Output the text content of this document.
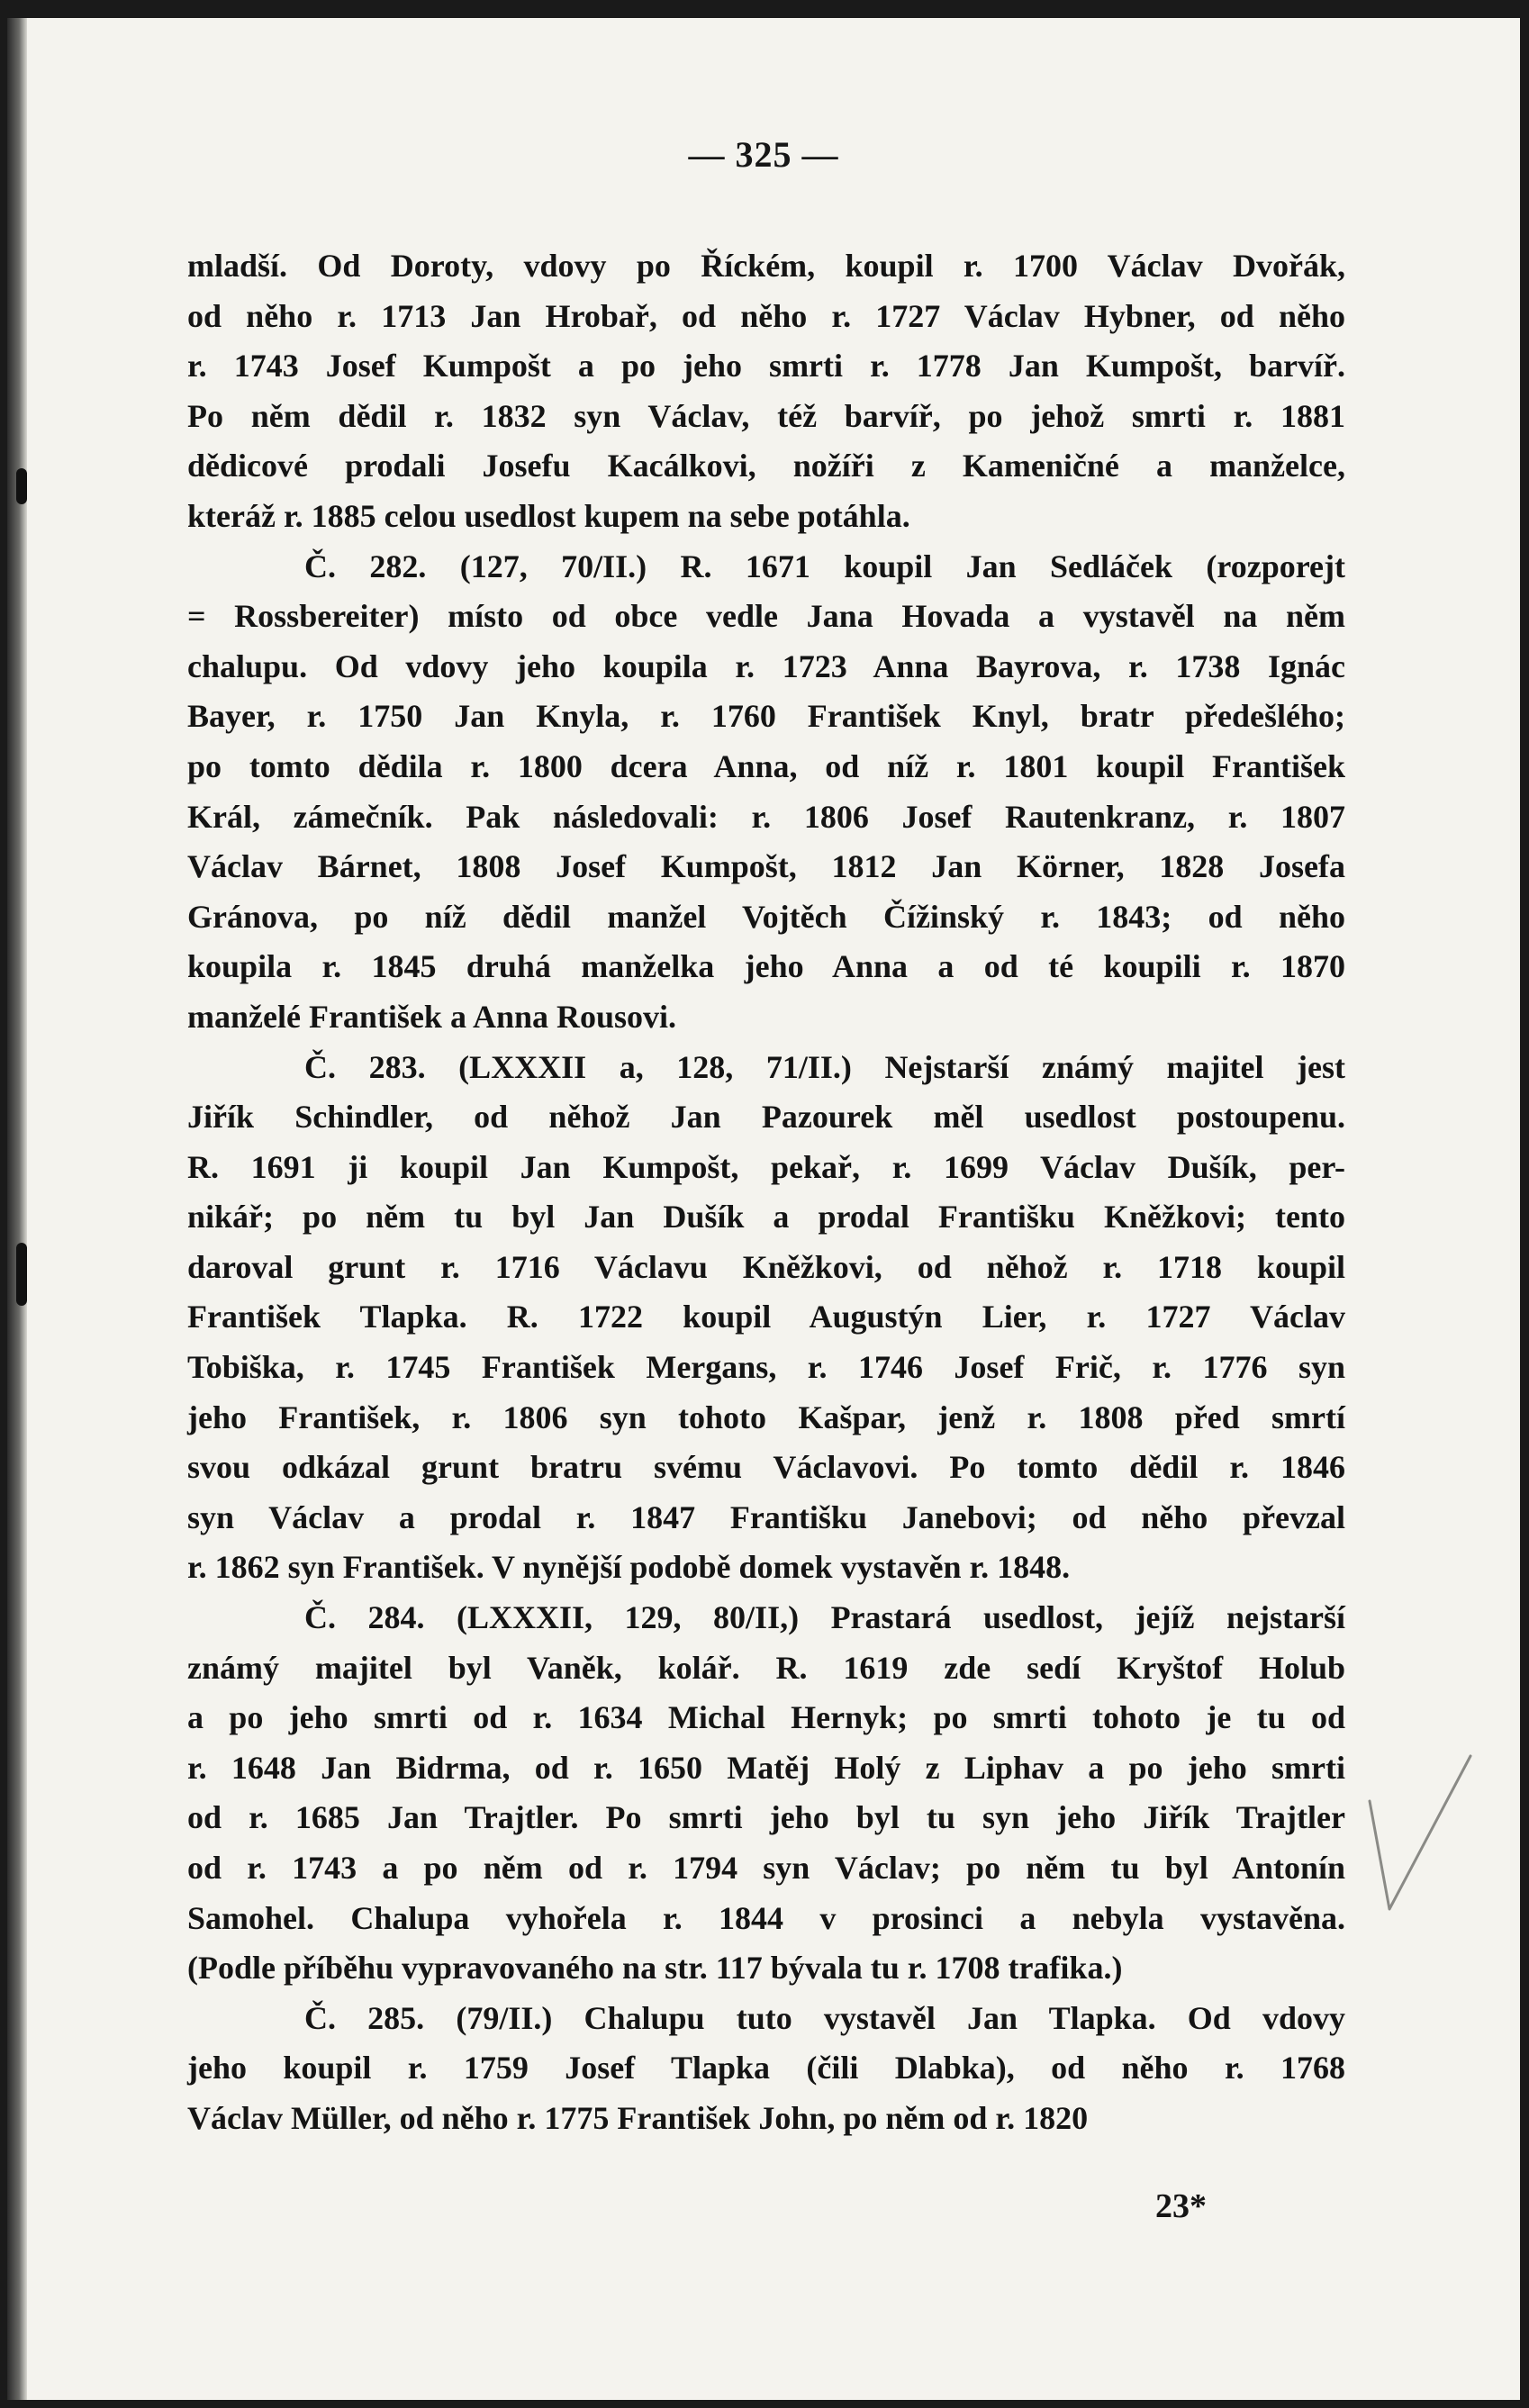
— 325 —
mladší. Od Doroty, vdovy po Říckém, koupil r. 1700 Václav Dvořák,
od něho r. 1713 Jan Hrobař, od něho r. 1727 Václav Hybner, od něho
r. 1743 Josef Kumpošt a po jeho smrti r. 1778 Jan Kumpošt, barvíř.
Po něm dědil r. 1832 syn Václav, též barvíř, po jehož smrti r. 1881
dědicové prodali Josefu Kacálkovi, nožíři z Kameničné a manželce,
kteráž r. 1885 celou usedlost kupem na sebe potáhla.
Č. 282. (127, 70/II.) R. 1671 koupil Jan Sedláček (rozporejt
= Rossbereiter) místo od obce vedle Jana Hovada a vystavěl na něm
chalupu. Od vdovy jeho koupila r. 1723 Anna Bayrova, r. 1738 Ignác
Bayer, r. 1750 Jan Knyla, r. 1760 František Knyl, bratr předešlého;
po tomto dědila r. 1800 dcera Anna, od níž r. 1801 koupil František
Král, zámečník. Pak následovali: r. 1806 Josef Rautenkranz, r. 1807
Václav Bárnet, 1808 Josef Kumpošt, 1812 Jan Körner, 1828 Josefa
Gránova, po níž dědil manžel Vojtěch Čížinský r. 1843; od něho
koupila r. 1845 druhá manželka jeho Anna a od té koupili r. 1870
manželé František a Anna Rousovi.
Č. 283. (LXXXII a, 128, 71/II.) Nejstarší známý majitel jest
Jiřík Schindler, od něhož Jan Pazourek měl usedlost postoupenu.
R. 1691 ji koupil Jan Kumpošt, pekař, r. 1699 Václav Dušík, per-
nikář; po něm tu byl Jan Dušík a prodal Františku Kněžkovi; tento
daroval grunt r. 1716 Václavu Kněžkovi, od něhož r. 1718 koupil
František Tlapka. R. 1722 koupil Augustýn Lier, r. 1727 Václav
Tobiška, r. 1745 František Mergans, r. 1746 Josef Frič, r. 1776 syn
jeho František, r. 1806 syn tohoto Kašpar, jenž r. 1808 před smrtí
svou odkázal grunt bratru svému Václavovi. Po tomto dědil r. 1846
syn Václav a prodal r. 1847 Františku Janebovi; od něho převzal
r. 1862 syn František. V nynější podobě domek vystavěn r. 1848.
Č. 284. (LXXXII, 129, 80/II,) Prastará usedlost, jejíž nejstarší
známý majitel byl Vaněk, kolář. R. 1619 zde sedí Kryštof Holub
a po jeho smrti od r. 1634 Michal Hernyk; po smrti tohoto je tu od
r. 1648 Jan Bidrma, od r. 1650 Matěj Holý z Liphav a po jeho smrti
od r. 1685 Jan Trajtler. Po smrti jeho byl tu syn jeho Jiřík Trajtler
od r. 1743 a po něm od r. 1794 syn Václav; po něm tu byl Antonín
Samohel. Chalupa vyhořela r. 1844 v prosinci a nebyla vystavěna.
(Podle příběhu vypravovaného na str. 117 bývala tu r. 1708 trafika.)
Č. 285. (79/II.) Chalupu tuto vystavěl Jan Tlapka. Od vdovy
jeho koupil r. 1759 Josef Tlapka (čili Dlabka), od něho r. 1768
Václav Müller, od něho r. 1775 František John, po něm od r. 1820
23*
